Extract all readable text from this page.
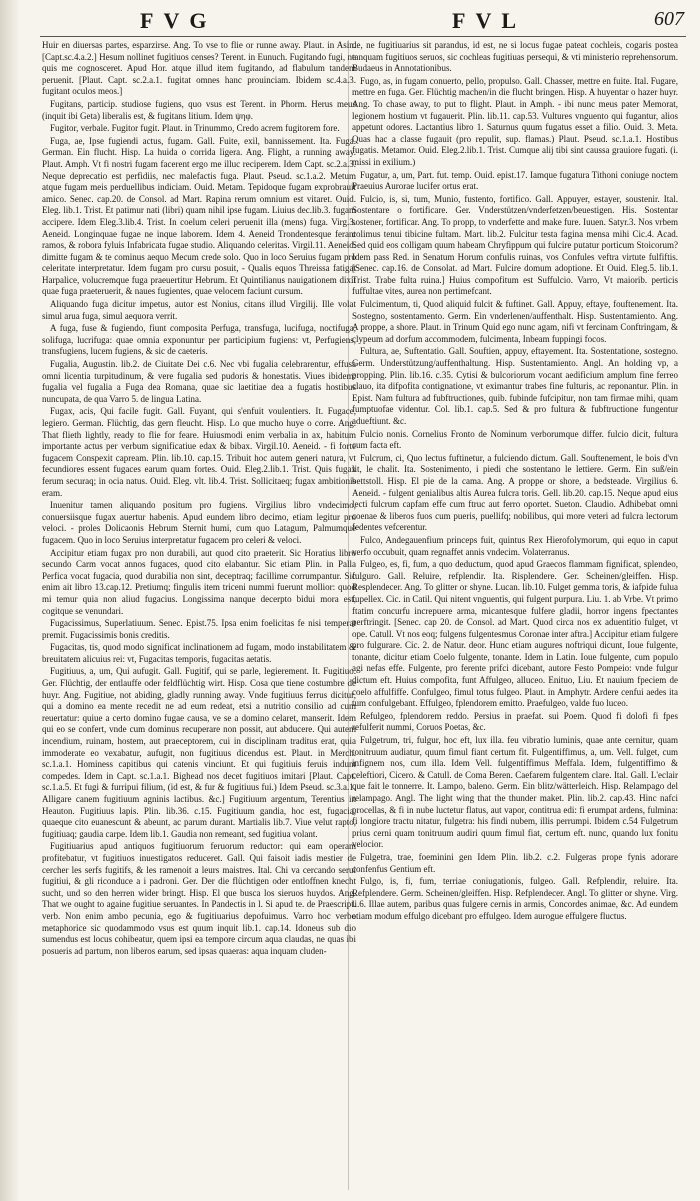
FVG	FVL	607

Huir en diuersas partes, esparzirse. Ang. To vse to flie or runne away. Plaut. in Asin. [Capt.sc.4.a.2.] Hesum nollinet fugitiuos censes? Terent. in Eunuch. Fugitando fugi, ne quis me cognosceret. Apud Hor. atque illud item fugitando, ad flabulum tandem peruenit. [Plaut. Capt. sc.2.a.1. fugitat omnes hanc prouinciam. Ibidem sc.4.a.3. fugitant oculos meos.]

Fugitans, particip. studiose fugiens, quo vsus est Terent. in Phorm. Herus meus (inquit ibi Geta) liberalis est, & fugitans litium. Idem ψηφ.

Fugitor, verbale. Fugitor fugit. Plaut. in Trinummo, Credo acrem fugitorem fore.

Fuga, ae, Ipse fugiendi actus, fugam. Gall. Fuite, exil, bannissement. Ita. Fuga. German. Ein flucht. Hisp. La huida o corrida ligera. Ang. Flight, a running away. Plaut. Amph. Vt fi nostri fugam facerent ergo me illuc reciperem. Idem Capt. sc.2.a.3. Neque deprecatio est perfidiis, nec malefactis fuga. Plaut. Pseud. sc.1.a.2. Metum atque fugam meis perduellibus indiciam. Ouid. Metam. Tepidoque fugam exprobrauit amico. Senec. cap.20. de Consol. ad Mart. Rapina rerum omnium est vitaret. Ouid. Eleg. lib.1. Trist. Et patimur nati (libri) quam nihil ipse fugam. Liuius dec.lib.3. fugam accipere. Idem Eleg.3.lib.4. Trist. In coelum celeri peruenit illa (mens) fuga. Virg.3. Aeneid. Longinquae fugae ne inque laborem. Idem 4. Aeneid Trondentesque ferant ramos, & robora fyluis Infabricata fugae studio. Aliquando celeritas. Virgil.11. Aeneid. dimitte fugam & te cominus aequo Mecum crede solo. Quo in loco Seruius fugam pro celeritate interpretatur. Idem fugam pro cursu posuit, - Qualis equos Threissa fatigat Harpalice, volucremque fuga praeuertitur Hebrum. Et Quintilianus nauigationem dixit quae fuga praeteruerit, & naues fugientes, quae velocem faciunt cursum.

Aliquando fuga dicitur impetus, autor est Nonius, citans illud Virgilij. Ille volat simul arua fuga, simul aequora verrit.

A fuga, fuse & fugiendo, fiunt composita Perfuga, transfuga, lucifuga, noctifuga, solifuga, lucrifuga: quae omnia exponuntur per participium fugiens: vt, Perfugiens, transfugiens, lucem fugiens, & sic de caeteris.

Fugalia, Augustin. lib.2. de Ciuitate Dei c.6. Nec vbi fugalia celebrarentur, effusa omni licentia turpitudinum, & vere fugalia sed pudoris & honestatis. Viues ibidem: fugalia vel fugalia a Fuga dea Romana, quae sic laetitiae dea a fugatis hostibus nuncupata, de qua Varro 5. de lingua Latina.

Fugax, acis, Qui facile fugit. Gall. Fuyant, qui s'enfuit voulentiers. It. Fugace, legiero. German. Flüchtig, das gern fleucht. Hisp. Lo que mucho huye o corre. Ang. That flieth lightly, ready to flie for feare. Huiusmodi enim verbalia in ax, habitum importante actus per verbum significatiue edax & bibax. Virgil.10. Aeneid. - fi forte fugacem Conspexit capream. Plin. lib.10. cap.15. Tribuit hoc autem generi natura, vt fecundiores essent fugaces earum quam fortes. Ouid. Eleg.2.lib.1. Trist. Quis fugax ferum securaq; in ocia natus. Ouid. Eleg. vlt. lib.4. Trist. Sollicitaeq; fugax ambitionis eram.

Inuenitur tamen aliquando positum pro fugiens. Virgilius libro vndecimo, conuersiisque fugax auertur habenis. Apud eundem libro decimo, etiam legitur pro veloci. - proles Dolicaonis Hebrum Sternit humi, cum quo Latagum, Palmumque fugacem. Quo in loco Seruius interpretatur fugacem pro celeri & veloci.

Accipitur etiam fugax pro non durabili, aut quod cito praeterit. Sic Horatius libro secundo Carm vocat annos fugaces, quod cito elabantur. Sic etiam Plin. in Palla Perfica vocat fugacia, quod durabilia non sint, deceptraq; facillime corrumpantur. Sic enim ait libro 13.cap.12. Pretiumq; fingulis item triceni nummi fuerunt mollior: quod mi temur quia non aliud fugacius. Longissima nanque decerpto bidui mora est, cogitque se venundari.

Fugacissimus, Superlatiuum. Senec. Epist.75. Ipsa enim foelicitas fe nisi temperat premit. Fugacissimis bonis creditis.

Fugacitas, tis, quod modo significat inclinationem ad fugam, modo instabilitatem & breuitatem alicuius rei: vt, Fugacitas temporis, fugacitas aetatis.

Fugitiuus, a, um, Qui aufugit. Gall. Fugitif, qui se parle, legierement. It. Fugitiuo. Ger. Flüchtig, der entlauffe oder feldflüchtig wirt. Hisp. Cosa que tiene costumbre de huyr. Ang. Fugitiue, not abiding, gladly running away. Vnde fugitiuus ferrus dicitur, qui a domino ea mente recedit ne ad eum redeat, etsi a nutritio consilio ad cum reuertatur: quiue a certo domino fugae causa, ve se a domino celaret, manserit. Idem qui eo se confert, vnde cum dominus recuperare non possit, aut abducere. Qui autem incendium, ruinam, hostem, aut praeceptorem, cui in disciplinam traditus erat, quia immoderate eo vexabatur, aufugit, non fugitiuus dicendus est. Plaut. in Merch. sc.1.a.1. Hominess capitibus qui catenis vinciunt. Et qui fugitiuis feruis indunt compedes. Idem in Capt. sc.1.a.1. Bighead nos decet fugitiuos imitari [Plaut. Capt. sc.1.a.5. Et fugi & furripui filium, (id est, & fur & fugitiuus fui.) Idem Pseud. sc.3.a.1. Alligare canem fugitiuum agninis lactibus. &c.] Fugitiuum argentum, Terentius in Heauton. Fugitiuus lapis. Plin. lib.36. c.15. Fugitiuum gandia, hoc est, fugacia, quaeque cito euanescunt & abeunt, ac parum durant. Martialis lib.7. Viue velut rapto, fugitiuaq; gaudia carpe. Idem lib.1. Gaudia non remeant, sed fugitiua volant.

Fugitiuarius apud antiquos fugitiuorum feruorum reductor: qui eam operam profitebatur, vt fugitiuos inuestigatos reduceret. Gall. Qui faisoit iadis mestier de cercher les serfs fugitifs, & les ramenoit a leurs maistres. Ital. Chi va cercando serui fugitiui, & gli riconduce a i padroni. Ger. Der die flüchtigen oder entloffnen knecht sucht, und so den herren wider bringt. Hisp. El que busca los sieruos huydos. Ang. That we ought to againe fugitiue seruantes. In Pandectis in l. Si apud te. de Praescript. verb. Non enim ambo pecunia, ego & fugitiuarius depofuimus. Varro hoc verbo metaphorice sic quodammodo vsus est quum inquit lib.1. cap.14. Idoneus sub dio sumendus est locus cohibeatur, quem ipsi ea tempore circum aqua claudas, ne quas ibi posueris ad partum, non liberos earum, sed ipsas quaeras: aqua inquam cluden-

de, ne fugitiuarius sit parandus, id est, ne si locus fugae pateat cochleis, cogaris postea tanquam fugitiuos seruos, sic cochleas fugitiuas persequi, & vti ministerio reprehensorum. Budaeus in Annotationibus.

Fugo, as, in fugam conuerto, pello, propulso. Gall. Chasser, mettre en fuite. Ital. Fugare, mettre en fuga. Ger. Flüchtig machen/in die flucht bringen. Hisp. A huyentar o hazer huyr. Ang. To chase away, to put to flight. Plaut. in Amph. - ibi nunc meus pater Memorat, legionem hostium vt fugauerit. Plin. lib.11. cap.53. Vultures vnguento qui fugantur, alios appetunt odores. Lactantius libro 1. Saturnus quum fugatus esset a filio. Ouid. 3. Meta. Quas hac a classe fugauit (pro repulit, sup. flamas.) Plaut. Pseud. sc.1.a.1. Hostibus fugatis. Metamor. Ouid. Eleg.2.lib.1. Trist. Cumque alij tibi sint caussa grauiore fugati. (i. missi in exilium.)

Fugatur, a, um, Part. fut. temp. Ouid. epist.17. Iamque fugatura Tithoni coniuge noctem Praeuius Aurorae lucifer ortus erat.

Fulcio, is, si, tum, Munio, fustento, fortifico. Gall. Appuyer, estayer, soustenir. Ital. Sostentare o fortificare. Ger. Vnderstützen/vnderfetzen/beuestigen. His. Sostentar sostener, fortificar. Ang. To propp, to vnderfette and make fure. Iuuen. Satyr.3. Nos vrbem colimus tenui tibicine fultam. Mart. lib.2. Fulcitur testa fagina mensa mihi Cic.4. Acad. Sed quid eos colligam quum habeam Chryfippum qui fulcire putatur porticum Stoicorum? Idem pass Red. in Senatum Horum confulis ruinas, vos Confules veftra virtute fulfiftis. [Senec. cap.16. de Consolat. ad Mart. Fulcire domum adoptione. Et Ouid. Eleg.5. lib.1. Trist. Trabe fulta ruina.] Huius compofitum est Suffulcio. Varro, Vt maiorib. perticis fuffultae vites, aurea non pertimefcant.

Fulcimentum, ti, Quod aliquid fulcit & fuftinet. Gall. Appuy, eftaye, fouftenement. Ita. Sostegno, sostentamento. Germ. Ein vnderlenen/auffenthalt. Hisp. Sustentamiento. Ang. A proppe, a shore. Plaut. in Trinum Quid ego nunc agam, nifi vt fercinam Conftringam, & clypeum ad dorfum accommodem, fulcimenta, Inbeam fuppingi focos.

Fultura, ae, Suftentatio. Gall. Souftien, appuy, eftayement. Ita. Sostentatione, sostegno. Germ. Understützung/auffenthaltung. Hisp. Sustentamiento. Angl. An holding vp, a propping. Plin. lib.16. c.35. Cytisi & bulcoriorum vocant aedificium amplum fine ferreo clauo, ita difpofita contignatione, vt eximantur trabes fine fulturis, ac reponantur. Plin. in Epist. Nam fultura ad fubftructiones, quib. fubinde fufcipitur, non tam firmae mihi, quam fumptuofae videntur. Col. lib.1. cap.5. Sed & pro fultura & fubftructione fungentur adueftiunt. &c.

Fulcio nonis. Cornelius Fronto de Nominum verborumque differ. fulcio dicit, fultura cum facta eft.

Fulcrum, ci, Quo lectus fuftinetur, a fulciendo dictum. Gall. Souftenement, le bois d'vn lit, le chalit. Ita. Sostenimento, i piedi che sostentano le lettiere. Germ. Ein suß/ein bettstoll. Hisp. El pie de la cama. Ang. A proppe or shore, a bedsteade. Virgilius 6. Aeneid. - fulgent genialibus altis Aurea fulcra toris. Gell. lib.20. cap.15. Neque apud eius lecti fulcrum capfam effe cum ftruc aut ferro oportet. Sueton. Claudio. Adhibebat omni coenae & liberos fuos cum pueris, puellifq; nobilibus, qui more veteri ad fulcra lectorum fedentes vefcerentur.

Fulco, Andegauenfium princeps fuit, quintus Rex Hierofolymorum, qui equo in caput verfo occubuit, quam regnaffet annis vndecim. Volaterranus.

Fulgeo, es, fi, fum, a quo deductum, quod apud Graecos flammam fignificat, splendeo, fulguro. Gall. Reluire, refplendir. Ita. Risplendere. Ger. Scheinen/gleiffen. Hisp. Resplendecer. Ang. To glitter or shyne. Lucan. lib.10. Fulget gemma toris, & iafpide fulua fupellex. Cic. in Catil. Qui nitent vnguentis, qui fulgent purpura. Liu. 1. ab Vrbe. Vt primo ftatim concurfu increpuere arma, micantesque fulfere gladii, horror ingens fpectantes perftringit. [Senec. cap 20. de Consol. ad Mart. Quod circa nos ex aduentitio fulget, vt ope. Catull. Vt nos eoq; fulgens fulgentesmus Coronae inter aftra.] Accipitur etiam fulgere pro fulgurare. Cic. 2. de Natur. deor. Hunc etiam augures noftriqui dicunt, Ioue fulgente, tonante, dicitur etiam Coelo fulgente, tonante. Idem in Latin. Ioue fulgente, cum populo agi nefas effe. Fulgente, pro ferente prifci dicebant, autore Festo Pompeio: vnde fulgur dictum eft. Huius compofita, funt Affulgeo, alluceo. Enituo, Liu. Et nauium fpeciem de coelo affulfiffe. Confulgeo, fimul totus fulgeo. Plaut. in Amphytr. Ardere cenfui aedes ita tum confulgebant. Effulgeo, fplendorem emitto. Praefulgeo, valde fuo luceo.

Refulgeo, fplendorem reddo. Persius in praefat. sui Poem. Quod fi dolofi fi fpes refulferit nummi, Coruos Poetas, &c.

Fulgetrum, tri, fulgur, hoc eft, lux illa. feu vibratio luminis, quae ante cernitur, quam tonitruum audiatur, quum fimul fiant certum fit. Fulgentiffimus, a, um. Vell. fulget, cum infignem nos, cum illa. Idem Vell. fulgentiffimus Meffala. Idem, fulgentiffimo & celeftiori, Cicero. & Catull. de Coma Beren. Caefarem fulgentem clare. Ital. Gall. L'eclair que fait le tonnerre. It. Lampo, baleno. Germ. Ein blitz/wätterleich. Hisp. Relampago del relampago. Angl. The light wing that the thunder maket. Plin. lib.2. cap.43. Hinc nafci procellas, & fi in nube luctetur flatus, aut vapor, contitrua edi: fi erumpat ardens, fulmina: fi longiore tractu nitatur, fulgetra: his findi nubem, illis perrumpi. Ibidem c.54 Fulgetrum prius cerni quam tonitruum audiri quum fimul fiat, certum eft. nunc, quando lux fonitu velocior.

Fulgetra, trae, foeminini gen Idem Plin. lib.2. c.2. Fulgeras prope fynis adorare confenfus Gentium eft.

Fulgo, is, fi, fum, terriae coniugationis, fulgeo. Gall. Refplendir, reluire. Ita. Refplendere. Germ. Scheinen/gleiffen. Hisp. Refplendecer. Angl. To glitter or shyne. Virg. li.6. Illae autem, paribus quas fulgere cernis in armis, Concordes animae, &c. Ad eundem etiam modum effulgo dicebant pro effulgeo. Idem aurogue effulgere fluctus.
